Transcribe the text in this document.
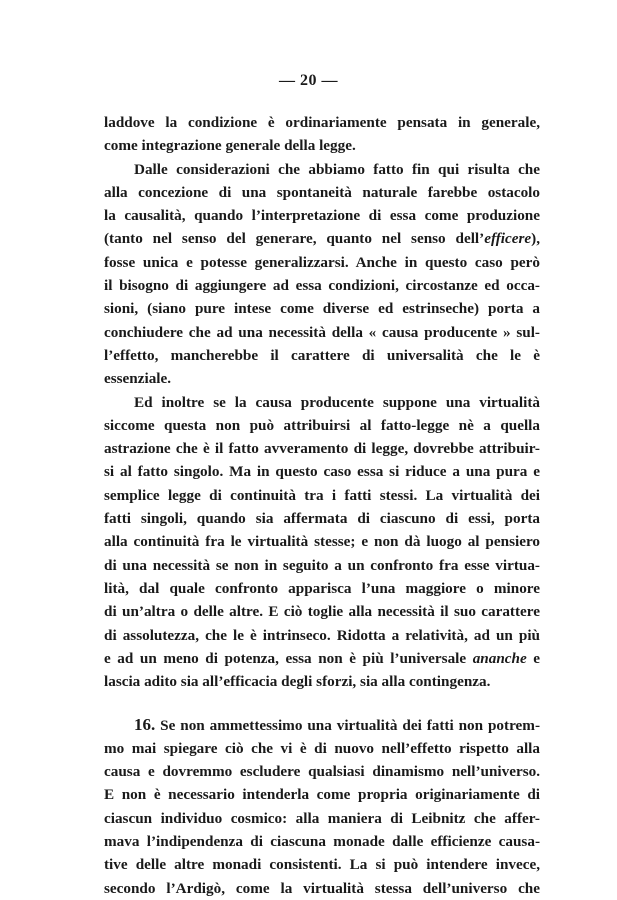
— 20 —
laddove la condizione è ordinariamente pensata in generale,
come integrazione generale della legge.
Dalle considerazioni che abbiamo fatto fin qui risulta che
alla concezione di una spontaneità naturale farebbe ostacolo
la causalità, quando l’interpretazione di essa come produzione
(tanto nel senso del generare, quanto nel senso dell’efficere),
fosse unica e potesse generalizzarsi. Anche in questo caso però
il bisogno di aggiungere ad essa condizioni, circostanze ed occa-
sioni, (siano pure intese come diverse ed estrinseche) porta a
conchiudere che ad una necessità della « causa producente » sul-
l’effetto, mancherebbe il carattere di universalità che le è
essenziale.
Ed inoltre se la causa producente suppone una virtualità
siccome questa non può attribuirsi al fatto-legge nè a quella
astrazione che è il fatto avveramento di legge, dovrebbe attribuir-
si al fatto singolo. Ma in questo caso essa si riduce a una pura e
semplice legge di continuità tra i fatti stessi. La virtualità dei
fatti singoli, quando sia affermata di ciascuno di essi, porta
alla continuità fra le virtualità stesse; e non dà luogo al pensiero
di una necessità se non in seguito a un confronto fra esse virtua-
lità, dal quale confronto apparisca l’una maggiore o minore
di un’altra o delle altre. E ciò toglie alla necessità il suo carattere
di assolutezza, che le è intrinseco. Ridotta a relatività, ad un più
e ad un meno di potenza, essa non è più l’universale ananche e
lascia adito sia all’efficacia degli sforzi, sia alla contingenza.
16. Se non ammettessimo una virtualità dei fatti non potrem-
mo mai spiegare ciò che vi è di nuovo nell’effetto rispetto alla
causa e dovremmo escludere qualsiasi dinamismo nell’universo.
E non è necessario intenderla come propria originariamente di
ciascun individuo cosmico: alla maniera di Leibnitz che affer-
mava l’indipendenza di ciascuna monade dalle efficienze causa-
tive delle altre monadi consistenti. La si può intendere invece,
secondo l’Ardigò, come la virtualità stessa dell’universo che
